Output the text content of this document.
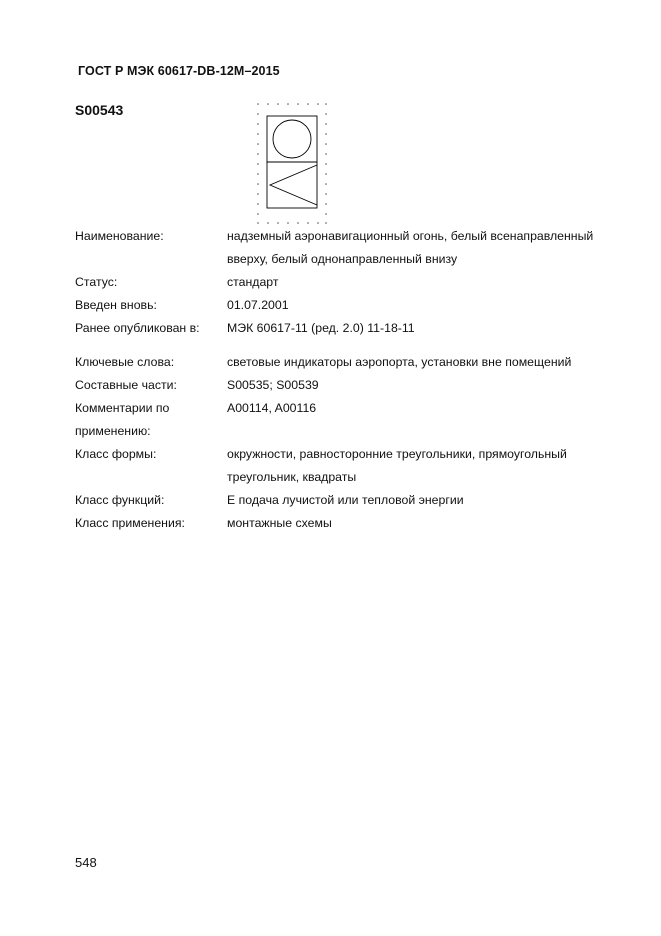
ГОСТ Р МЭК 60617-DB-12M–2015
S00543
Наименование:	надземный аэронавигационный огонь, белый всенаправленный вверху, белый однонаправленный внизу
Статус:	стандарт
Введен вновь:	01.07.2001
Ранее опубликован в:	МЭК 60617-11 (ред. 2.0) 11-18-11
Ключевые слова:	световые индикаторы аэропорта, установки вне помещений
Составные части:	S00535; S00539
Комментарии по применению:
A00114, A00116
Класс формы:	окружности, равносторонние треугольники, прямоугольный треугольник, квадраты
Класс функций:	E подача лучистой или тепловой энергии
Класс применения:	монтажные схемы
548
